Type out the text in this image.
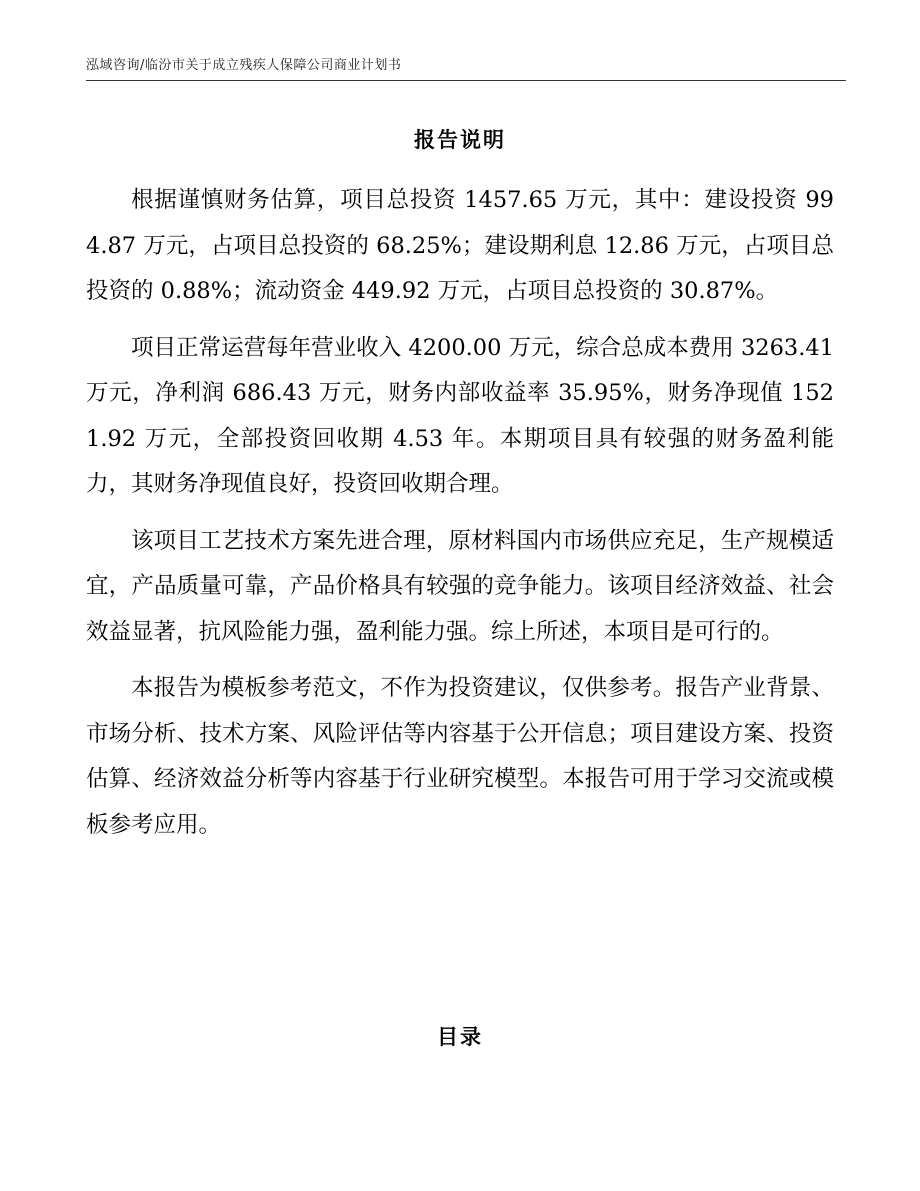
泓域咨询/临汾市关于成立残疾人保障公司商业计划书
报告说明

根据谨慎财务估算，项目总投资 1457.65 万元，其中：建设投资 994.87 万元，占项目总投资的 68.25%；建设期利息 12.86 万元，占项目总投资的 0.88%；流动资金 449.92 万元，占项目总投资的 30.87%。

项目正常运营每年营业收入 4200.00 万元，综合总成本费用 3263.41 万元，净利润 686.43 万元，财务内部收益率 35.95%，财务净现值 1521.92 万元，全部投资回收期 4.53 年。本期项目具有较强的财务盈利能力，其财务净现值良好，投资回收期合理。

该项目工艺技术方案先进合理，原材料国内市场供应充足，生产规模适宜，产品质量可靠，产品价格具有较强的竞争能力。该项目经济效益、社会效益显著，抗风险能力强，盈利能力强。综上所述，本项目是可行的。

本报告为模板参考范文，不作为投资建议，仅供参考。报告产业背景、市场分析、技术方案、风险评估等内容基于公开信息；项目建设方案、投资估算、经济效益分析等内容基于行业研究模型。本报告可用于学习交流或模板参考应用。

目录
